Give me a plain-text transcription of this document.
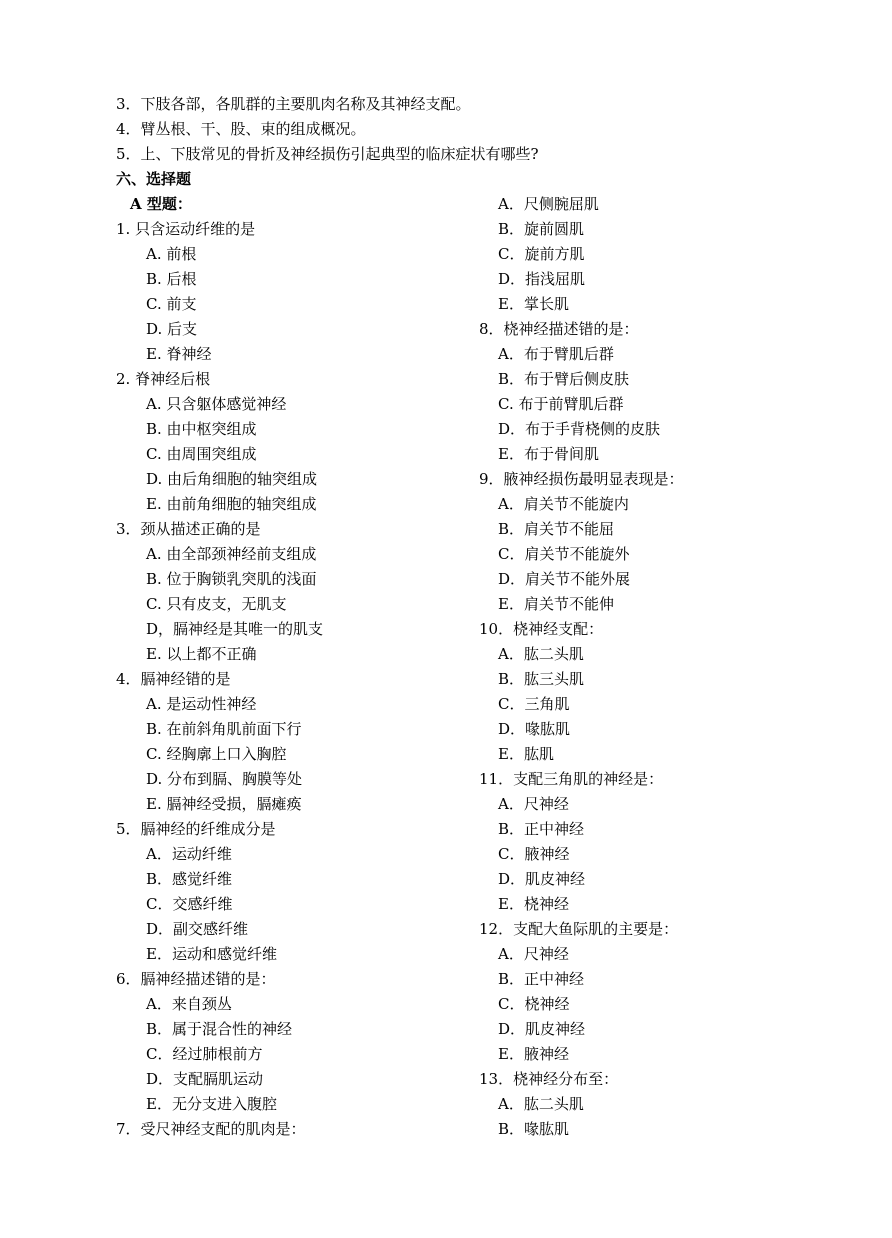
3．下肢各部，各肌群的主要肌肉名称及其神经支配。
4．臂丛根、干、股、束的组成概况。
5．上、下肢常见的骨折及神经损伤引起典型的临床症状有哪些?
六、选择题
A 型题：
1. 只含运动纤维的是
A. 前根
B. 后根
C. 前支
D. 后支
E. 脊神经
2. 脊神经后根
A. 只含躯体感觉神经
B. 由中枢突组成
C. 由周围突组成
D. 由后角细胞的轴突组成
E. 由前角细胞的轴突组成
3．颈从描述正确的是
A. 由全部颈神经前支组成
B. 位于胸锁乳突肌的浅面
C. 只有皮支，无肌支
D，膈神经是其唯一的肌支
E. 以上都不正确
4．膈神经错的是
A. 是运动性神经
B. 在前斜角肌前面下行
C. 经胸廓上口入胸腔
D. 分布到膈、胸膜等处
E. 膈神经受损，膈瘫痪
5．膈神经的纤维成分是
A．运动纤维
B．感觉纤维
C．交感纤维
D．副交感纤维
E．运动和感觉纤维
6．膈神经描述错的是：
A．来自颈丛
B．属于混合性的神经
C．经过肺根前方
D．支配膈肌运动
E．无分支进入腹腔
7．受尺神经支配的肌肉是：
A．尺侧腕屈肌
B．旋前圆肌
C．旋前方肌
D．指浅屈肌
E．掌长肌
8．桡神经描述错的是：
A．布于臂肌后群
B．布于臂后侧皮肤
C. 布于前臂肌后群
D．布于手背桡侧的皮肤
E．布于骨间肌
9．腋神经损伤最明显表现是：
A．肩关节不能旋内
B．肩关节不能屈
C．肩关节不能旋外
D．肩关节不能外展
E．肩关节不能伸
10．桡神经支配：
A．肱二头肌
B．肱三头肌
C．三角肌
D．喙肱肌
E．肱肌
11．支配三角肌的神经是：
A．尺神经
B．正中神经
C．腋神经
D．肌皮神经
E．桡神经
12．支配大鱼际肌的主要是：
A．尺神经
B．正中神经
C．桡神经
D．肌皮神经
E．腋神经
13．桡神经分布至：
A．肱二头肌
B．喙肱肌
